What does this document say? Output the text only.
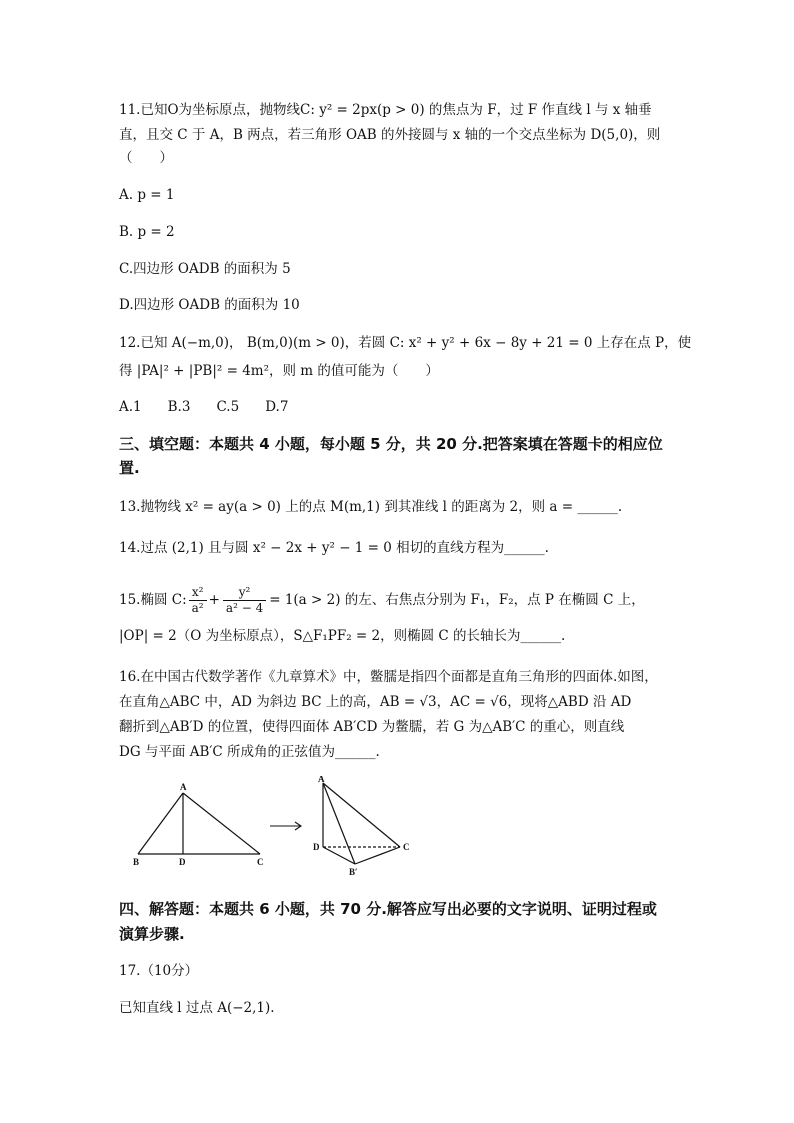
11.已知O为坐标原点，抛物线C: y² = 2px(p > 0) 的焦点为 F，过 F 作直线 l 与 x 轴垂
直，且交 C 于 A，B 两点，若三角形 OAB 的外接圆与 x 轴的一个交点坐标为 D(5,0)，则
（　　）
A. p = 1
B. p = 2
C.四边形 OADB 的面积为 5
D.四边形 OADB 的面积为 10
12.已知 A(−m,0)， B(m,0)(m > 0)，若圆 C: x² + y² + 6x − 8y + 21 = 0 上存在点 P，使
得 |PA|² + |PB|² = 4m²，则 m 的值可能为（　　）
A.1 B.3 C.5 D.7
三、填空题：本题共 4 小题，每小题 5 分，共 20 分.把答案填在答题卡的相应位
置.
13.抛物线 x² = ay(a > 0) 上的点 M(m,1) 到其准线 l 的距离为 2，则 a = ______.
14.过点 (2,1) 且与圆 x² − 2x + y² − 1 = 0 相切的直线方程为______.
15.椭圆 C: $\frac{\text{x²}}{\text{a²}} + \frac{\text{y²}}{\text{a² − 4}} = 1(a > 2)$ 的左、右焦点分别为 F₁，F₂，点 P 在椭圆 C 上，
|OP| = 2（O 为坐标原点），S△F₁PF₂ = 2，则椭圆 C 的长轴长为______.
16.在中国古代数学著作《九章算术》中，鳖臑是指四个面都是直角三角形的四面体.如图，
在直角△ABC 中，AD 为斜边 BC 上的高，AB = √3，AC = √6，现将△ABD 沿 AD
翻折到△AB′D 的位置，使得四面体 AB′CD 为鳖臑，若 G 为△AB′C 的重心，则直线
DG 与平面 AB′C 所成角的正弦值为______.
A
B	D	C
A
D	C
B′
四、解答题：本题共 6 小题，共 70 分.解答应写出必要的文字说明、证明过程或
演算步骤.
17.（10分）
已知直线 l 过点 A(−2,1).
